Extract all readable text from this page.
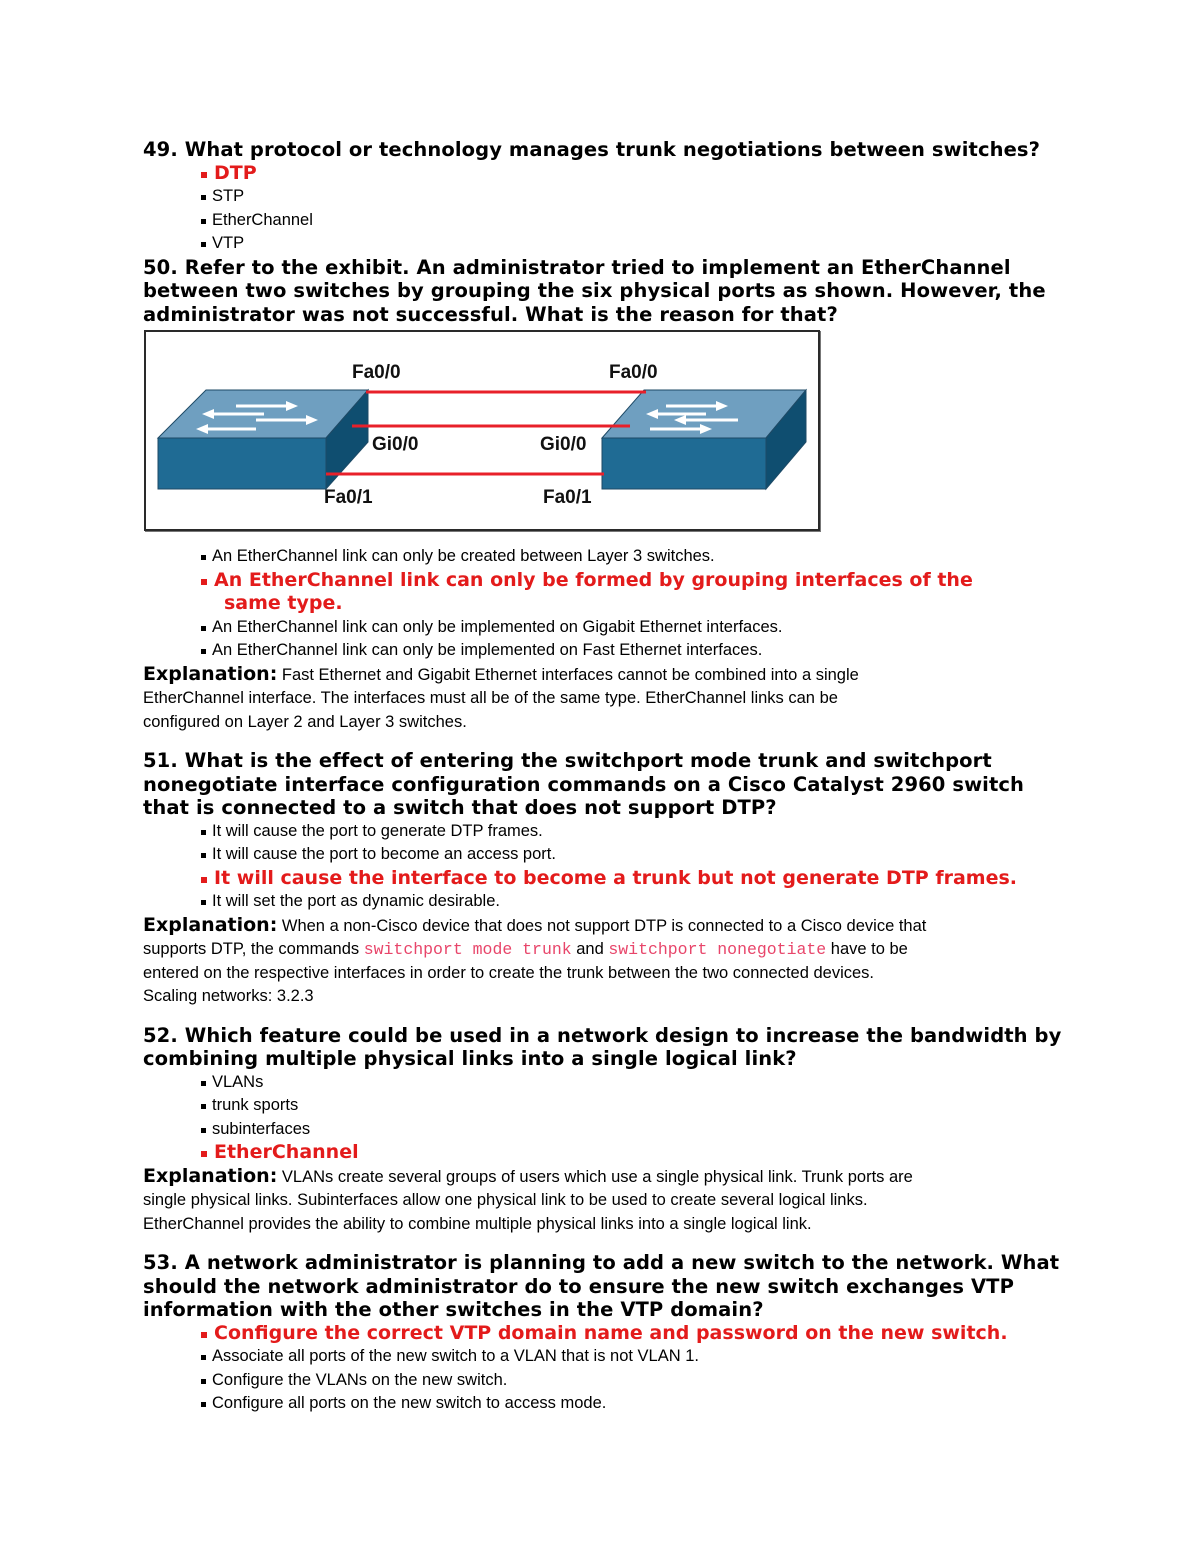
49. What protocol or technology manages trunk negotiations between switches?

DTP
STP
EtherChannel
VTP

50. Refer to the exhibit. An administrator tried to implement an EtherChannel

between two switches by grouping the six physical ports as shown. However, the

administrator was not successful. What is the reason for that?

Fa0/0	Fa0/0
Gi0/0	Gi0/0
Fa0/1	Fa0/1
An EtherChannel link can only be created between Layer 3 switches.
An EtherChannel link can only be formed by grouping interfaces of the
same type.
An EtherChannel link can only be implemented on Gigabit Ethernet interfaces.
An EtherChannel link can only be implemented on Fast Ethernet interfaces.

Explanation: Fast Ethernet and Gigabit Ethernet interfaces cannot be combined into a single

EtherChannel interface. The interfaces must all be of the same type. EtherChannel links can be

configured on Layer 2 and Layer 3 switches.

51. What is the effect of entering the switchport mode trunk and switchport

nonegotiate interface configuration commands on a Cisco Catalyst 2960 switch

that is connected to a switch that does not support DTP?

It will cause the port to generate DTP frames.
It will cause the port to become an access port.
It will cause the interface to become a trunk but not generate DTP frames.
It will set the port as dynamic desirable.

Explanation: When a non-Cisco device that does not support DTP is connected to a Cisco device that

supports DTP, the commands switchport mode trunk and switchport nonegotiate have to be

entered on the respective interfaces in order to create the trunk between the two connected devices.

Scaling networks: 3.2.3

52. Which feature could be used in a network design to increase the bandwidth by

combining multiple physical links into a single logical link?

VLANs
trunk sports
subinterfaces
EtherChannel

Explanation: VLANs create several groups of users which use a single physical link. Trunk ports are

single physical links. Subinterfaces allow one physical link to be used to create several logical links.

EtherChannel provides the ability to combine multiple physical links into a single logical link.

53. A network administrator is planning to add a new switch to the network. What

should the network administrator do to ensure the new switch exchanges VTP

information with the other switches in the VTP domain?

Configure the correct VTP domain name and password on the new switch.
Associate all ports of the new switch to a VLAN that is not VLAN 1.
Configure the VLANs on the new switch.
Configure all ports on the new switch to access mode.
